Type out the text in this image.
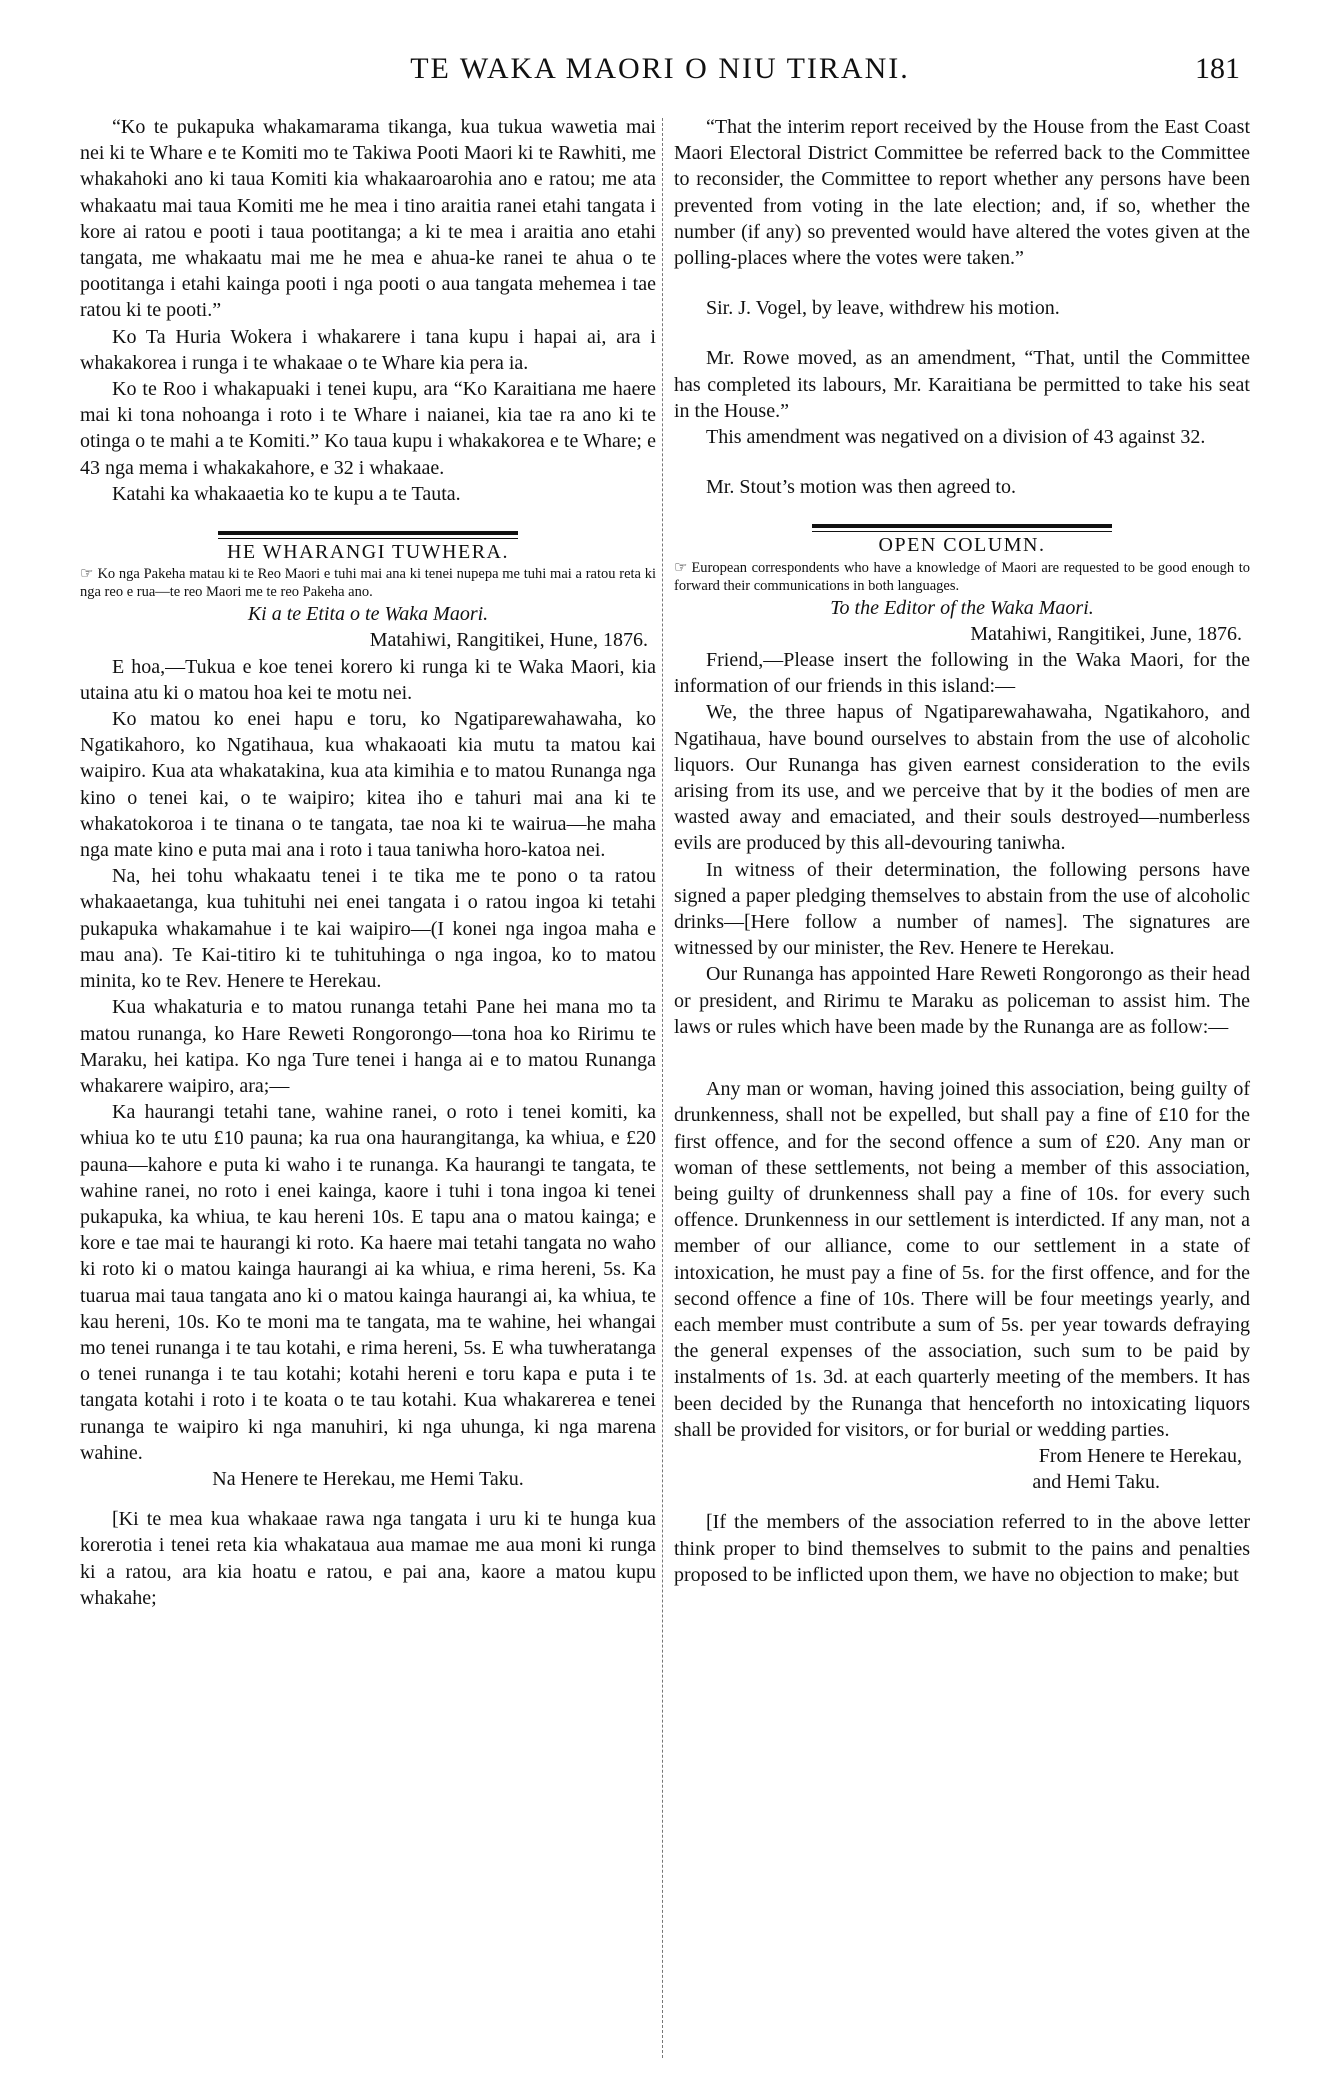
TE WAKA MAORI O NIU TIRANI.	181

“Ko te pukapuka whakamarama tikanga, kua tukua wawetia mai nei ki te Whare e te Komiti mo te Takiwa Pooti Maori ki te Rawhiti, me whakahoki ano ki taua Komiti kia whakaaroarohia ano e ratou; me ata whakaatu mai taua Komiti me he mea i tino araitia ranei etahi tangata i kore ai ratou e pooti i taua pootitanga; a ki te mea i araitia ano etahi tangata, me whakaatu mai me he mea e ahua-ke ranei te ahua o te pootitanga i etahi kainga pooti i nga pooti o aua tangata mehemea i tae ratou ki te pooti.”

Ko Ta Huria Wokera i whakarere i tana kupu i hapai ai, ara i whakakorea i runga i te whakaae o te Whare kia pera ia.

Ko te Roo i whakapuaki i tenei kupu, ara “Ko Karaitiana me haere mai ki tona nohoanga i roto i te Whare i naianei, kia tae ra ano ki te otinga o te mahi a te Komiti.” Ko taua kupu i whakakorea e te Whare; e 43 nga mema i whakakahore, e 32 i whakaae.

Katahi ka whakaaetia ko te kupu a te Tauta.

HE WHARANGI TUWHERA.

☞ Ko nga Pakeha matau ki te Reo Maori e tuhi mai ana ki tenei nupepa me tuhi mai a ratou reta ki nga reo e rua—te reo Maori me te reo Pakeha ano.

Ki a te Etita o te Waka Maori.

Matahiwi, Rangitikei, Hune, 1876.

E hoa,—Tukua e koe tenei korero ki runga ki te Waka Maori, kia utaina atu ki o matou hoa kei te motu nei.

Ko matou ko enei hapu e toru, ko Ngatiparewahawaha, ko Ngatikahoro, ko Ngatihaua, kua whakaoati kia mutu ta matou kai waipiro. Kua ata whakatakina, kua ata kimihia e to matou Runanga nga kino o tenei kai, o te waipiro; kitea iho e tahuri mai ana ki te whakatokoroa i te tinana o te tangata, tae noa ki te wairua—he maha nga mate kino e puta mai ana i roto i taua taniwha horo-katoa nei.

Na, hei tohu whakaatu tenei i te tika me te pono o ta ratou whakaaetanga, kua tuhituhi nei enei tangata i o ratou ingoa ki tetahi pukapuka whakamahue i te kai waipiro—(I konei nga ingoa maha e mau ana). Te Kai-titiro ki te tuhituhinga o nga ingoa, ko to matou minita, ko te Rev. Henere te Herekau.

Kua whakaturia e to matou runanga tetahi Pane hei mana mo ta matou runanga, ko Hare Reweti Rongorongo—tona hoa ko Ririmu te Maraku, hei katipa. Ko nga Ture tenei i hanga ai e to matou Runanga whakarere waipiro, ara;—

Ka haurangi tetahi tane, wahine ranei, o roto i tenei komiti, ka whiua ko te utu £10 pauna; ka rua ona haurangitanga, ka whiua, e £20 pauna—kahore e puta ki waho i te runanga. Ka haurangi te tangata, te wahine ranei, no roto i enei kainga, kaore i tuhi i tona ingoa ki tenei pukapuka, ka whiua, te kau hereni 10s. E tapu ana o matou kainga; e kore e tae mai te haurangi ki roto. Ka haere mai tetahi tangata no waho ki roto ki o matou kainga haurangi ai ka whiua, e rima hereni, 5s. Ka tuarua mai taua tangata ano ki o matou kainga haurangi ai, ka whiua, te kau hereni, 10s. Ko te moni ma te tangata, ma te wahine, hei whangai mo tenei runanga i te tau kotahi, e rima hereni, 5s. E wha tuwheratanga o tenei runanga i te tau kotahi; kotahi hereni e toru kapa e puta i te tangata kotahi i roto i te koata o te tau kotahi. Kua whakarerea e tenei runanga te waipiro ki nga manuhiri, ki nga uhunga, ki nga marena wahine.

Na Henere te Herekau, me Hemi Taku.

[Ki te mea kua whakaae rawa nga tangata i uru ki te hunga kua korerotia i tenei reta kia whakataua aua mamae me aua moni ki runga ki a ratou, ara kia hoatu e ratou, e pai ana, kaore a matou kupu whakahe;

“That the interim report received by the House from the East Coast Maori Electoral District Committee be referred back to the Committee to reconsider, the Committee to report whether any persons have been prevented from voting in the late election; and, if so, whether the number (if any) so prevented would have altered the votes given at the polling-places where the votes were taken.”

Sir. J. Vogel, by leave, withdrew his motion.

Mr. Rowe moved, as an amendment, “That, until the Committee has completed its labours, Mr. Karaitiana be permitted to take his seat in the House.”

This amendment was negatived on a division of 43 against 32.

Mr. Stout’s motion was then agreed to.

OPEN COLUMN.

☞ European correspondents who have a knowledge of Maori are requested to be good enough to forward their communications in both languages.

To the Editor of the Waka Maori.

Matahiwi, Rangitikei, June, 1876.

Friend,—Please insert the following in the Waka Maori, for the information of our friends in this island:—

We, the three hapus of Ngatiparewahawaha, Ngatikahoro, and Ngatihaua, have bound ourselves to abstain from the use of alcoholic liquors. Our Runanga has given earnest consideration to the evils arising from its use, and we perceive that by it the bodies of men are wasted away and emaciated, and their souls destroyed—numberless evils are produced by this all-devouring taniwha.

In witness of their determination, the following persons have signed a paper pledging themselves to abstain from the use of alcoholic drinks—[Here follow a number of names]. The signatures are witnessed by our minister, the Rev. Henere te Herekau.

Our Runanga has appointed Hare Reweti Rongorongo as their head or president, and Ririmu te Maraku as policeman to assist him. The laws or rules which have been made by the Runanga are as follow:—

Any man or woman, having joined this association, being guilty of drunkenness, shall not be expelled, but shall pay a fine of £10 for the first offence, and for the second offence a sum of £20. Any man or woman of these settlements, not being a member of this association, being guilty of drunkenness shall pay a fine of 10s. for every such offence. Drunkenness in our settlement is interdicted. If any man, not a member of our alliance, come to our settlement in a state of intoxication, he must pay a fine of 5s. for the first offence, and for the second offence a fine of 10s. There will be four meetings yearly, and each member must contribute a sum of 5s. per year towards defraying the general expenses of the association, such sum to be paid by instalments of 1s. 3d. at each quarterly meeting of the members. It has been decided by the Runanga that henceforth no intoxicating liquors shall be provided for visitors, or for burial or wedding parties.

From Henere te Herekau,

and Hemi Taku.

[If the members of the association referred to in the above letter think proper to bind themselves to submit to the pains and penalties proposed to be inflicted upon them, we have no objection to make; but
